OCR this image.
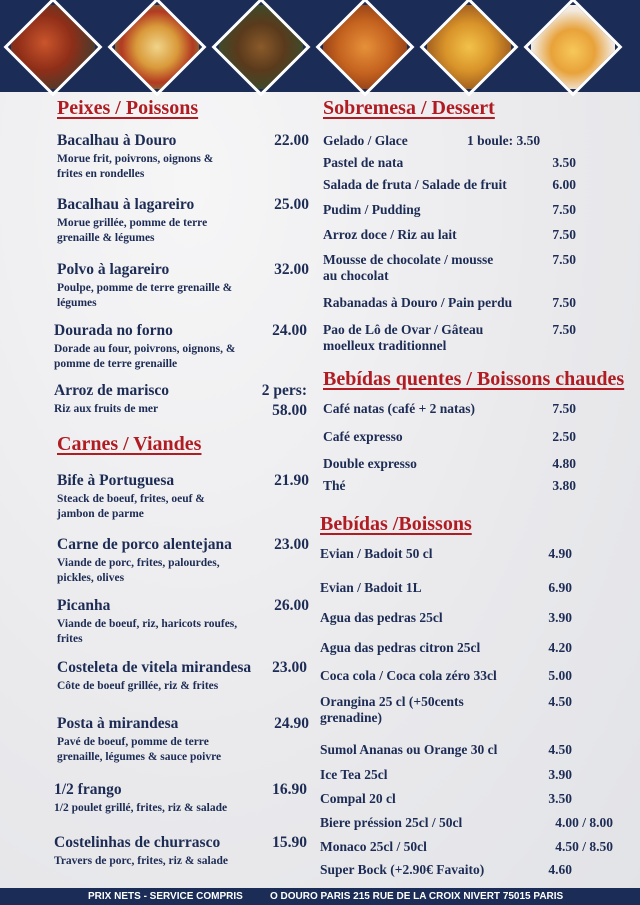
Peixes / Poissons
Bacalhau à Douro
Morue frit, poivrons, oignons &
frites en rondelles
22.00
Bacalhau à lagareiro
Morue grillée, pomme de terre
grenaille & légumes
25.00
Polvo à lagareiro
Poulpe, pomme de terre grenaille &
légumes
32.00
Dourada no forno
Dorade au four, poivrons, oignons, &
pomme de terre grenaille
24.00
Arroz de marisco
Riz aux fruits de mer
2 pers:
58.00
Carnes / Viandes
Bife à Portuguesa
Steack de boeuf, frites, oeuf &
jambon de parme
21.90
Carne de porco alentejana
Viande de porc, frites, palourdes,
pickles, olives
23.00
Picanha
Viande de boeuf, riz, haricots roufes,
frites
26.00
Costeleta de vitela mirandesa
Côte de boeuf grillée, riz & frites
23.00
Posta à mirandesa
Pavé de boeuf, pomme de terre
grenaille, légumes & sauce poivre
24.90
1/2 frango
1/2 poulet grillé, frites, riz & salade
16.90
Costelinhas de churrasco
Travers de porc, frites, riz & salade
15.90
Sobremesa / Dessert
Gelado / Glace	1 boule: 3.50
Pastel de nata	3.50
Salada de fruta / Salade de fruit	6.00
Pudim / Pudding	7.50
Arroz doce / Riz au lait	7.50
Mousse de chocolate / mousse
au chocolat
7.50
Rabanadas à Douro / Pain perdu	7.50
Pao de Lô de Ovar / Gâteau
moelleux traditionnel
7.50
Bebídas quentes / Boissons chaudes
Café natas (café + 2 natas)	7.50
Café expresso	2.50
Double expresso	4.80
Thé	3.80
Bebídas /Boissons
Evian / Badoit 50 cl	4.90
Evian / Badoit 1L	6.90
Agua das pedras 25cl	3.90
Agua das pedras citron 25cl	4.20
Coca cola / Coca cola zéro 33cl	5.00
Orangina 25 cl (+50cents
grenadine)
4.50
Sumol Ananas ou Orange 30 cl	4.50
Ice Tea 25cl	3.90
Compal 20 cl	3.50
Biere préssion 25cl / 50cl	4.00 / 8.00
Monaco 25cl / 50cl	4.50 / 8.50
Super Bock (+2.90€ Favaito)	4.60
PRIX NETS - SERVICE COMPRIS	O DOURO PARIS 215 RUE DE LA CROIX NIVERT 75015 PARIS
